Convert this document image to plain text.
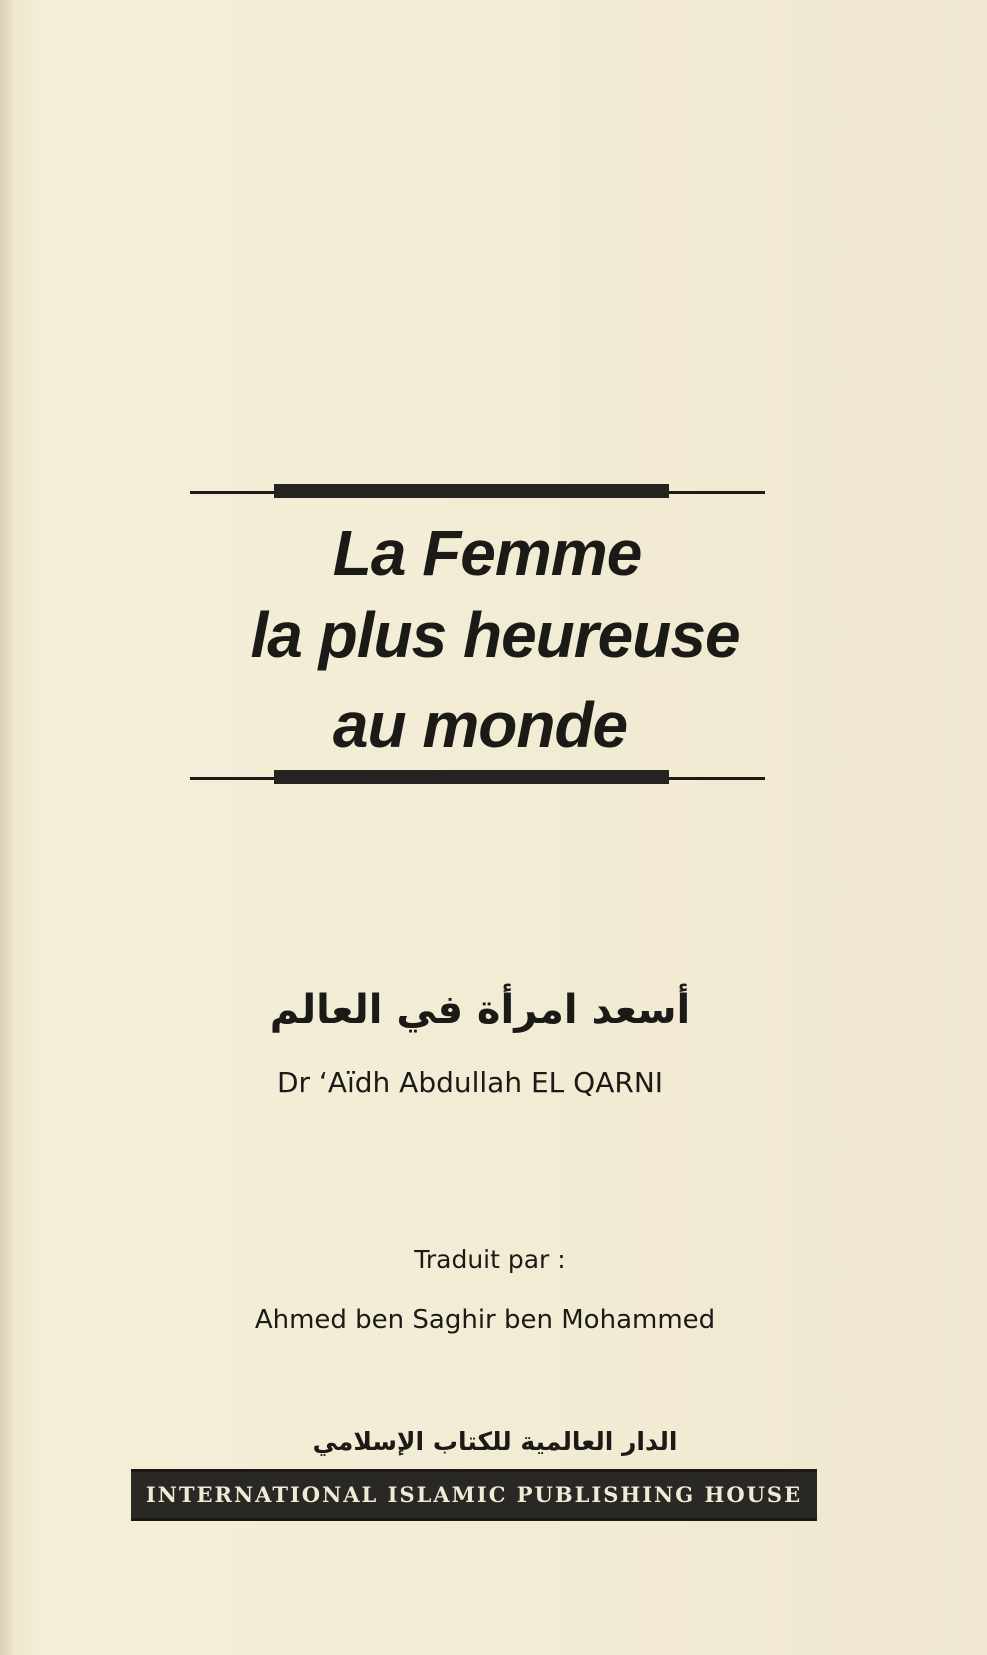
La Femme
la plus heureuse
au monde
أسعد امرأة في العالم
Dr ‘Aïdh Abdullah EL QARNI
Traduit par :
Ahmed ben Saghir ben Mohammed
الدار العالمية للكتاب الإسلامي
INTERNATIONAL ISLAMIC PUBLISHING HOUSE
